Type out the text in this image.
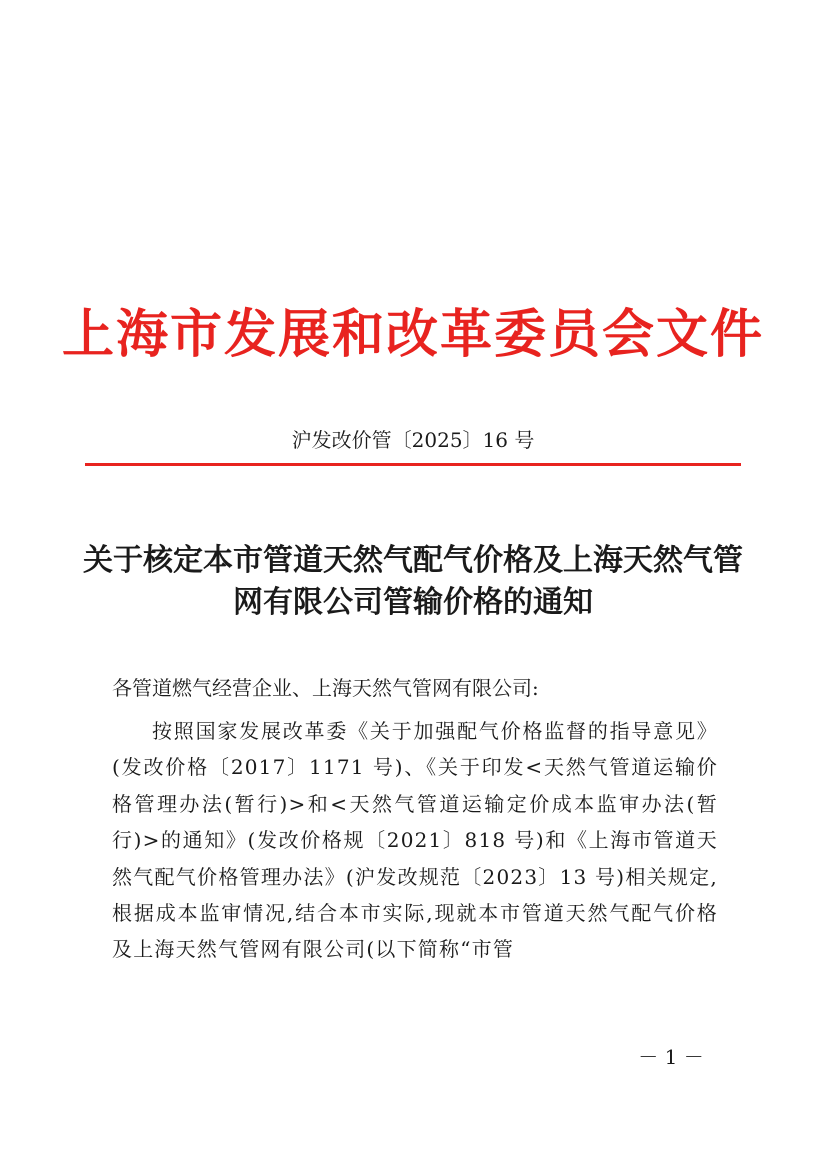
上海市发展和改革委员会文件
沪发改价管〔2025〕16 号
关于核定本市管道天然气配气价格及上海天然气管网有限公司管输价格的通知
各管道燃气经营企业、上海天然气管网有限公司:
按照国家发展改革委《关于加强配气价格监督的指导意见》(发改价格〔2017〕1171 号)、《关于印发<天然气管道运输价格管理办法(暂行)>和<天然气管道运输定价成本监审办法(暂行)>的通知》(发改价格规〔2021〕818 号)和《上海市管道天然气配气价格管理办法》(沪发改规范〔2023〕13 号)相关规定,根据成本监审情况,结合本市实际,现就本市管道天然气配气价格及上海天然气管网有限公司(以下简称“市管
－ 1 －
